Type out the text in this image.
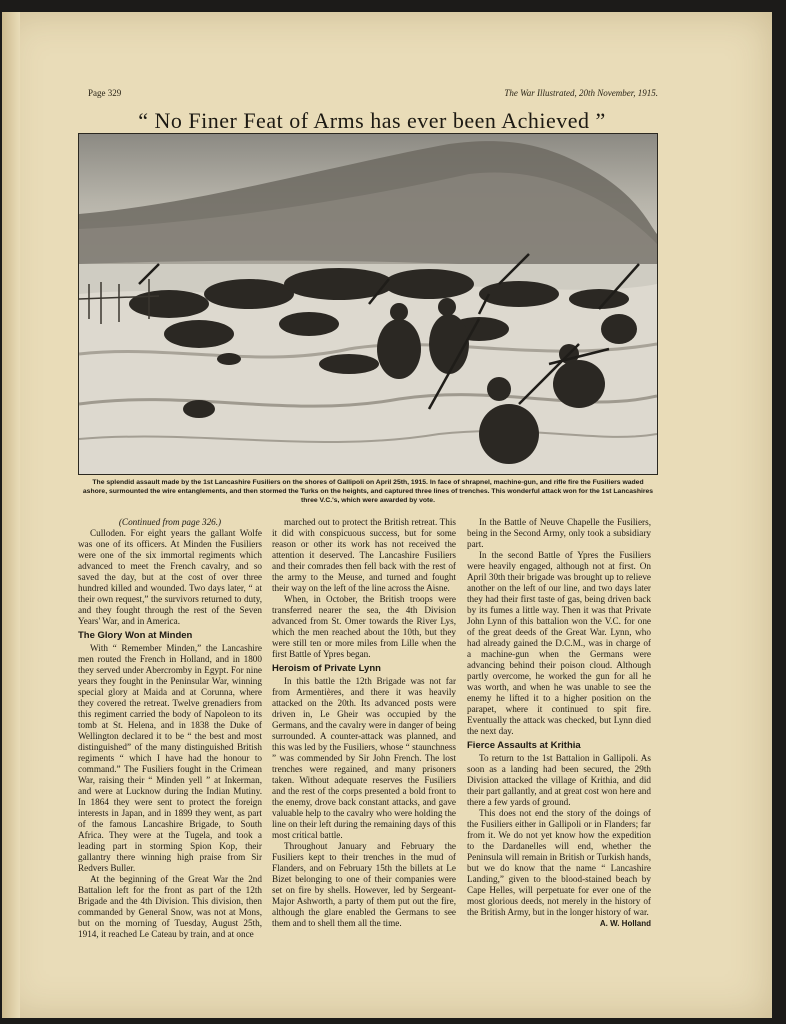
Page 329	The War Illustrated, 20th November, 1915.
“ No Finer Feat of Arms has ever been Achieved ”
The splendid assault made by the 1st Lancashire Fusiliers on the shores of Gallipoli on April 25th, 1915. In face of shrapnel, machine-gun, and rifle fire the Fusiliers waded ashore, surmounted the wire entanglements, and then stormed the Turks on the heights, and captured three lines of trenches. This wonderful attack won for the 1st Lancashires three V.C.'s, which were awarded by vote.

(Continued from page 326.)

Culloden. For eight years the gallant Wolfe was one of its officers. At Minden the Fusiliers were one of the six immortal regiments which advanced to meet the French cavalry, and so saved the day, but at the cost of over three hundred killed and wounded. Two days later, “ at their own request,” the survivors returned to duty, and they fought through the rest of the Seven Years' War, and in America.

The Glory Won at Minden

With “ Remember Minden,” the Lancashire men routed the French in Holland, and in 1800 they served under Abercromby in Egypt. For nine years they fought in the Peninsular War, winning special glory at Maida and at Corunna, where they covered the retreat. Twelve grenadiers from this regiment carried the body of Napoleon to its tomb at St. Helena, and in 1838 the Duke of Wellington declared it to be “ the best and most distinguished” of the many distinguished British regiments “ which I have had the honour to command.” The Fusiliers fought in the Crimean War, raising their “ Minden yell ” at Inkerman, and were at Lucknow during the Indian Mutiny. In 1864 they were sent to protect the foreign interests in Japan, and in 1899 they went, as part of the famous Lancashire Brigade, to South Africa. They were at the Tugela, and took a leading part in storming Spion Kop, their gallantry there winning high praise from Sir Redvers Buller.

At the beginning of the Great War the 2nd Battalion left for the front as part of the 12th Brigade and the 4th Division. This division, then commanded by General Snow, was not at Mons, but on the morning of Tuesday, August 25th, 1914, it reached Le Cateau by train, and at once

marched out to protect the British retreat. This it did with conspicuous success, but for some reason or other its work has not received the attention it deserved. The Lancashire Fusiliers and their comrades then fell back with the rest of the army to the Meuse, and turned and fought their way on the left of the line across the Aisne.

When, in October, the British troops were transferred nearer the sea, the 4th Division advanced from St. Omer towards the River Lys, which the men reached about the 10th, but they were still ten or more miles from Lille when the first Battle of Ypres began.

Heroism of Private Lynn

In this battle the 12th Brigade was not far from Armentières, and there it was heavily attacked on the 20th. Its advanced posts were driven in, Le Gheir was occupied by the Germans, and the cavalry were in danger of being surrounded. A counter-attack was planned, and this was led by the Fusiliers, whose “ staunchness ” was commended by Sir John French. The lost trenches were regained, and many prisoners taken. Without adequate reserves the Fusiliers and the rest of the corps presented a bold front to the enemy, drove back constant attacks, and gave valuable help to the cavalry who were holding the line on their left during the remaining days of this most critical battle.

Throughout January and February the Fusiliers kept to their trenches in the mud of Flanders, and on February 15th the billets at Le Bizet belonging to one of their companies were set on fire by shells. However, led by Sergeant-Major Ashworth, a party of them put out the fire, although the glare enabled the Germans to see them and to shell them all the time.

In the Battle of Neuve Chapelle the Fusiliers, being in the Second Army, only took a subsidiary part.

In the second Battle of Ypres the Fusiliers were heavily engaged, although not at first. On April 30th their brigade was brought up to relieve another on the left of our line, and two days later they had their first taste of gas, being driven back by its fumes a little way. Then it was that Private John Lynn of this battalion won the V.C. for one of the great deeds of the Great War. Lynn, who had already gained the D.C.M., was in charge of a machine-gun when the Germans were advancing behind their poison cloud. Although partly overcome, he worked the gun for all he was worth, and when he was unable to see the enemy he lifted it to a higher position on the parapet, where it continued to spit fire. Eventually the attack was checked, but Lynn died the next day.

Fierce Assaults at Krithia

To return to the 1st Battalion in Gallipoli. As soon as a landing had been secured, the 29th Division attacked the village of Krithia, and did their part gallantly, and at great cost won here and there a few yards of ground.

This does not end the story of the doings of the Fusiliers either in Gallipoli or in Flanders; far from it. We do not yet know how the expedition to the Dardanelles will end, whether the Peninsula will remain in British or Turkish hands, but we do know that the name “ Lancashire Landing,” given to the blood-stained beach by Cape Helles, will perpetuate for ever one of the most glorious deeds, not merely in the history of the British Army, but in the longer history of war.

A. W. Holland
